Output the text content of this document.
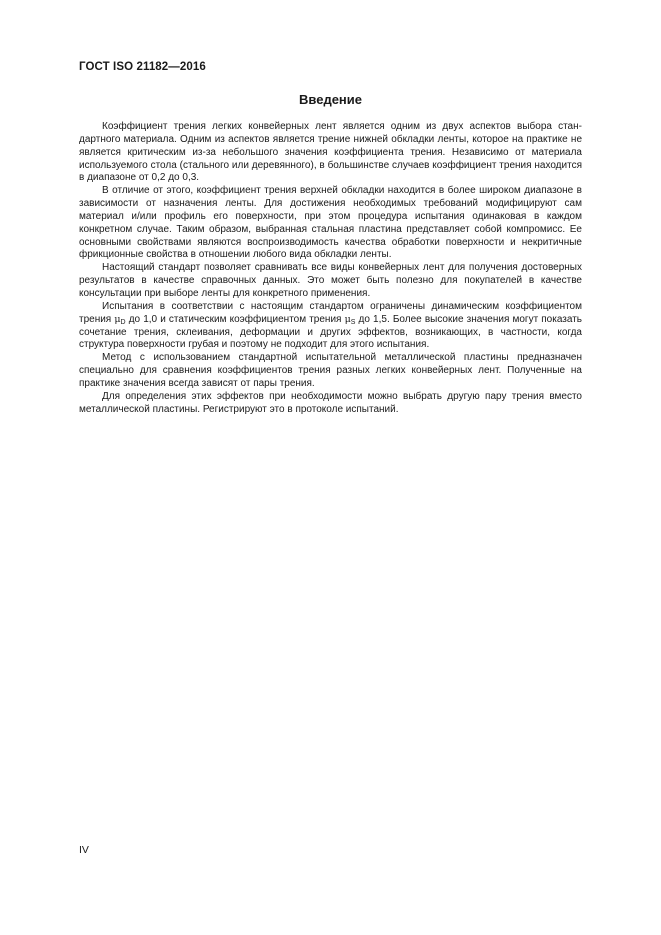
ГОСТ ISO 21182—2016
Введение

Коэффициент трения легких конвейерных лент является одним из двух аспектов выбора стандартного материала. Одним из аспектов является трение нижней обкладки ленты, которое на практике не является критическим из-за небольшого значения коэффициента трения. Независимо от материала используемого стола (стального или деревянного), в большинстве случаев коэффициент трения находится в диапазоне от 0,2 до 0,3.

В отличие от этого, коэффициент трения верхней обкладки находится в более широком диапазоне в зависимости от назначения ленты. Для достижения необходимых требований модифицируют сам материал и/или профиль его поверхности, при этом процедура испытания одинаковая в каждом конкретном случае. Таким образом, выбранная стальная пластина представляет собой компромисс. Ее основными свойствами являются воспроизводимость качества обработки поверхности и некритичные фрикционные свойства в отношении любого вида обкладки ленты.

Настоящий стандарт позволяет сравнивать все виды конвейерных лент для получения достоверных результатов в качестве справочных данных. Это может быть полезно для покупателей в качестве консультации при выборе ленты для конкретного применения.

Испытания в соответствии с настоящим стандартом ограничены динамическим коэффициентом трения $\mu_D$ до 1,0 и статическим коэффициентом трения $\mu_S$ до 1,5. Более высокие значения могут показать сочетание трения, склеивания, деформации и других эффектов, возникающих, в частности, когда структура поверхности грубая и поэтому не подходит для этого испытания.

Метод с использованием стандартной испытательной металлической пластины предназначен специально для сравнения коэффициентов трения разных легких конвейерных лент. Полученные на практике значения всегда зависят от пары трения.

Для определения этих эффектов при необходимости можно выбрать другую пару трения вместо металлической пластины. Регистрируют это в протоколе испытаний.

IV
